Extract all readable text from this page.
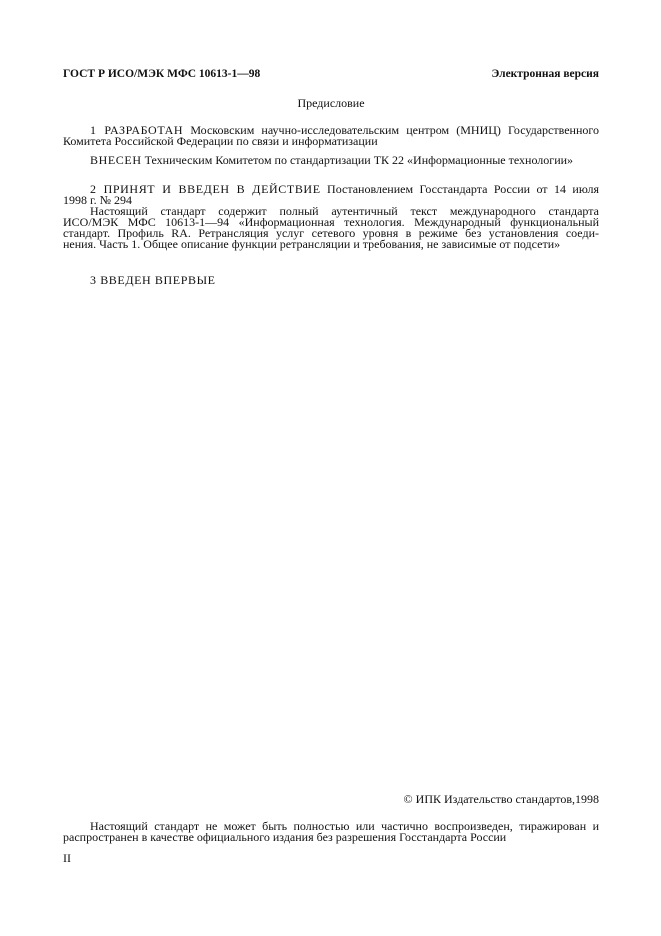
ГОСТ Р ИСО/МЭК МФС 10613-1—98	Электронная версия
Предисловие
1 РАЗРАБОТАН Московским научно-исследовательским центром (МНИЦ) Государственного
Комитета Российской Федерации по связи и информатизации
ВНЕСЕН Техническим Комитетом по стандартизации ТК 22 «Информационные технологии»
2 ПРИНЯТ И ВВЕДЕН В ДЕЙСТВИЕ Постановлением Госстандарта России от 14 июля
1998 г. № 294
Настоящий стандарт содержит полный аутентичный текст международного стандарта
ИСО/МЭК МФС 10613-1—94 «Информационная технология. Международный функциональный
стандарт. Профиль RA. Ретрансляция услуг сетевого уровня в режиме без установления соеди-
нения. Часть 1. Общее описание функции ретрансляции и требования, не зависимые от подсети»
3 ВВЕДЕН ВПЕРВЫЕ
© ИПК Издательство стандартов,1998
Настоящий стандарт не может быть полностью или частично воспроизведен, тиражирован и
распространен в качестве официального издания без разрешения Госстандарта России
II
